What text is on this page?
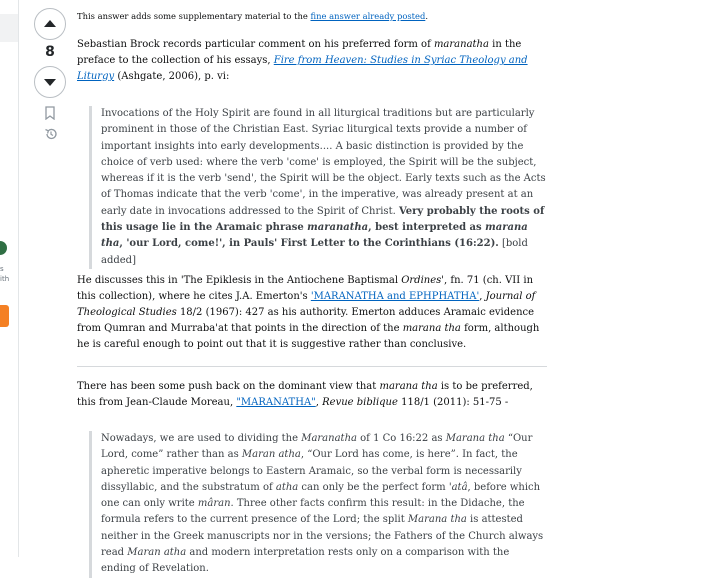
s
ith
8
This answer adds some supplementary material to the fine answer already posted.

Sebastian Brock records particular comment on his preferred form of maranatha in the preface to the collection of his essays, Fire from Heaven: Studies in Syriac Theology and Liturgy (Ashgate, 2006), p. vi:

Invocations of the Holy Spirit are found in all liturgical traditions but are particularly prominent in those of the Christian East. Syriac liturgical texts provide a number of important insights into early developments.... A basic distinction is provided by the choice of verb used: where the verb 'come' is employed, the Spirit will be the subject, whereas if it is the verb 'send', the Spirit will be the object. Early texts such as the Acts of Thomas indicate that the verb 'come', in the imperative, was already present at an early date in invocations addressed to the Spirit of Christ. Very probably the roots of this usage lie in the Aramaic phrase maranatha, best interpreted as marana tha, 'our Lord, come!', in Pauls' First Letter to the Corinthians (16:22). [bold added]

He discusses this in 'The Epiklesis in the Antiochene Baptismal Ordines', fn. 71 (ch. VII in this collection), where he cites J.A. Emerton's 'MARANATHA and EPHPHATHA', Journal of Theological Studies 18/2 (1967): 427 as his authority. Emerton adduces Aramaic evidence from Qumran and Murraba'at that points in the direction of the marana tha form, although he is careful enough to point out that it is suggestive rather than conclusive.

There has been some push back on the dominant view that marana tha is to be preferred, this from Jean-Claude Moreau, "MARANATHA", Revue biblique 118/1 (2011): 51-75 -

Nowadays, we are used to dividing the Maranatha of 1 Co 16:22 as Marana tha “Our Lord, come” rather than as Maran atha, “Our Lord has come, is here”. In fact, the apheretic imperative belongs to Eastern Aramaic, so the verbal form is necessarily dissyllabic, and the substratum of atha can only be the perfect form 'atâ, before which one can only write mâran. Three other facts confirm this result: in the Didache, the formula refers to the current presence of the Lord; the split Marana tha is attested neither in the Greek manuscripts nor in the versions; the Fathers of the Church always read Maran atha and modern interpretation rests only on a comparison with the ending of Revelation.
